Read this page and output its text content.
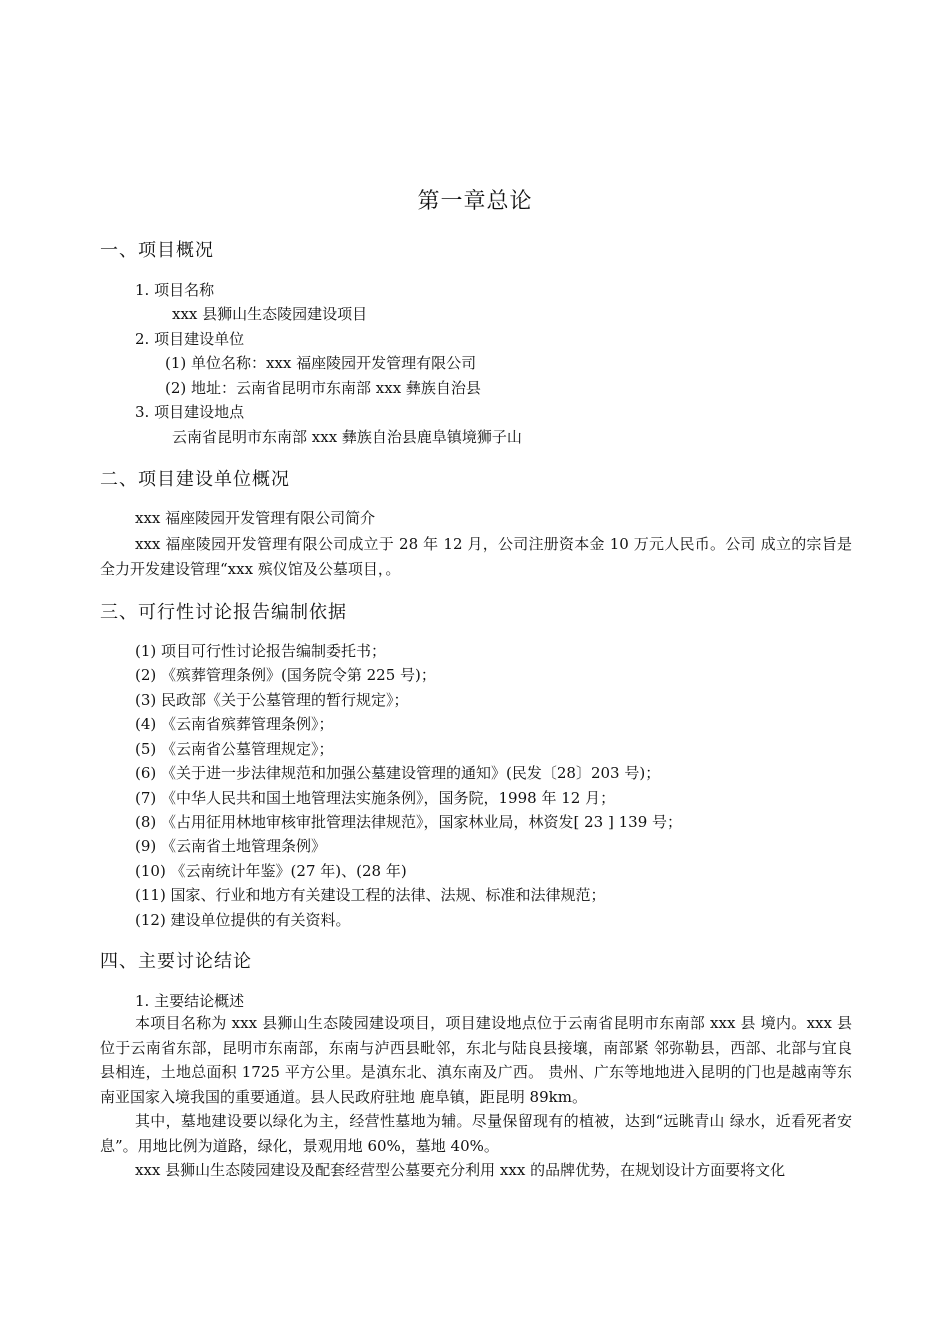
第一章总论
一、项目概况
1. 项目名称
xxx 县狮山生态陵园建设项目
2. 项目建设单位
(1) 单位名称：xxx 福座陵园开发管理有限公司
(2) 地址：云南省昆明市东南部 xxx 彝族自治县
3. 项目建设地点
云南省昆明市东南部 xxx 彝族自治县鹿阜镇境狮子山
二、项目建设单位概况
xxx 福座陵园开发管理有限公司简介

xxx 福座陵园开发管理有限公司成立于 28 年 12 月，公司注册资本金 10 万元人民币。公司 成立的宗旨是全力开发建设管理“xxx 殡仪馆及公墓项目，。

三、可行性讨论报告编制依据
(1) 项目可行性讨论报告编制委托书；
(2) 《殡葬管理条例》(国务院令第 225 号)；
(3) 民政部《关于公墓管理的暂行规定》；
(4) 《云南省殡葬管理条例》；
(5) 《云南省公墓管理规定》；
(6) 《关于进一步法律规范和加强公墓建设管理的通知》(民发〔28〕203 号)；
(7) 《中华人民共和国土地管理法实施条例》，国务院，1998 年 12 月；
(8) 《占用征用林地审核审批管理法律规范》，国家林业局，林资发[ 23 ] 139 号；
(9) 《云南省土地管理条例》
(10) 《云南统计年鉴》(27 年)、(28 年)
(11) 国家、行业和地方有关建设工程的法律、法规、标准和法律规范；
(12) 建设单位提供的有关资料。
四、主要讨论结论
1. 主要结论概述

本项目名称为 xxx 县狮山生态陵园建设项目，项目建设地点位于云南省昆明市东南部 xxx 县 境内。xxx 县位于云南省东部，昆明市东南部，东南与泸西县毗邻，东北与陆良县接壤，南部紧 邻弥勒县，西部、北部与宜良县相连，土地总面积 1725 平方公里。是滇东北、滇东南及广西。 贵州、广东等地地进入昆明的门也是越南等东南亚国家入境我国的重要通道。县人民政府驻地 鹿阜镇，距昆明 89km。

其中，墓地建设要以绿化为主，经营性墓地为辅。尽量保留现有的植被，达到“远眺青山 绿水，近看死者安息”。用地比例为道路，绿化，景观用地 60%，墓地 40%。

xxx 县狮山生态陵园建设及配套经营型公墓要充分利用 xxx 的品牌优势，在规划设计方面要将文化
